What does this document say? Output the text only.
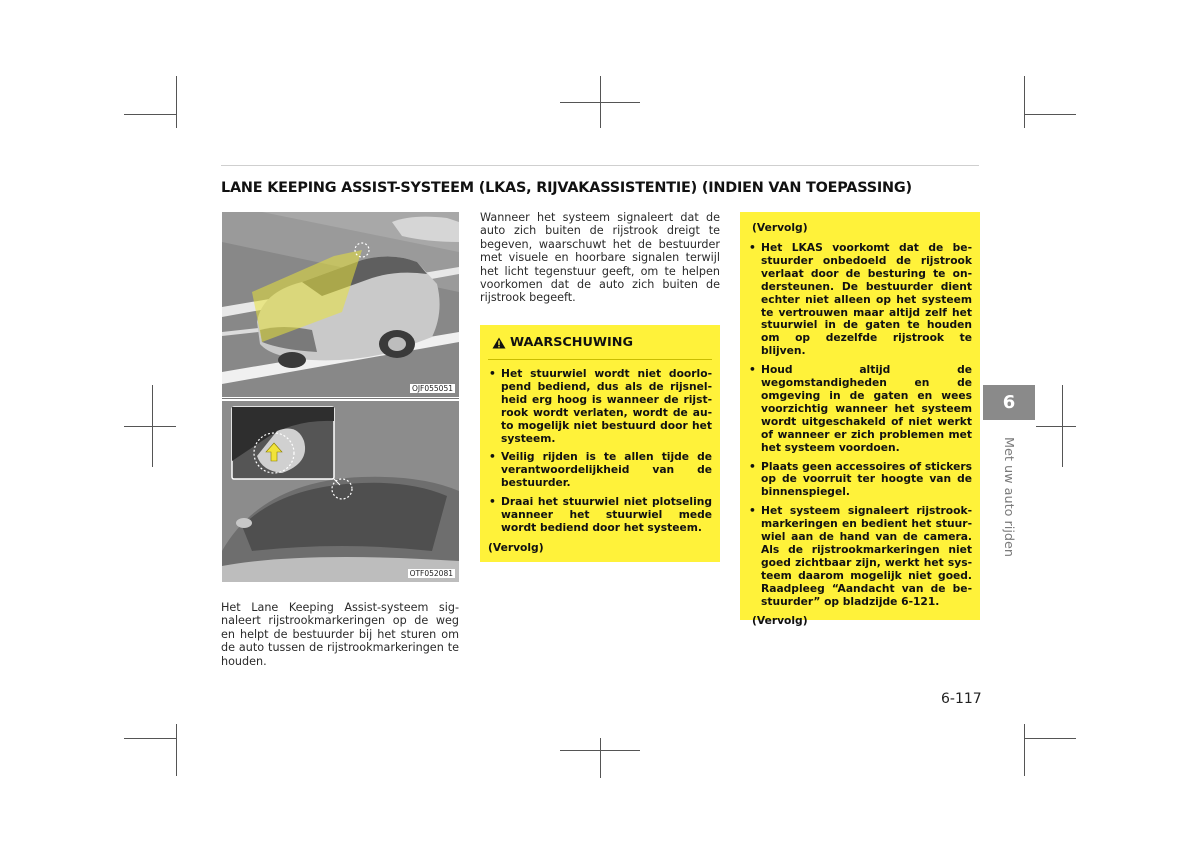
LANE KEEPING ASSIST-SYSTEEM (LKAS, RIJVAKASSISTENTIE) (INDIEN VAN TOEPASSING)
OJF055051
OTF052081
Het Lane Keeping Assist-systeem signaleert rijstrookmarkeringen op de weg en helpt de bestuurder bij het sturen om de auto tussen de rijstrookmarkeringen te houden.
Wanneer het systeem signaleert dat de auto zich buiten de rijstrook dreigt te begeven, waarschuwt het de bestuurder met visuele en hoorbare signalen terwijl het licht tegenstuur geeft, om te helpen voorkomen dat de auto zich buiten de rijstrook begeeft.
WAARSCHUWING
• Het stuurwiel wordt niet doorlopend bediend, dus als de rijsnelheid erg hoog is wanneer de rijstrook wordt verlaten, wordt de auto mogelijk niet bestuurd door het systeem.
• Veilig rijden is te allen tijde de verantwoordelijkheid van de bestuurder.
• Draai het stuurwiel niet plotseling wanneer het stuurwiel mede wordt bediend door het systeem.
(Vervolg)
(Vervolg)
• Het LKAS voorkomt dat de bestuurder onbedoeld de rijstrook verlaat door de besturing te ondersteunen. De bestuurder dient echter niet alleen op het systeem te vertrouwen maar altijd zelf het stuurwiel in de gaten te houden om op dezelfde rijstrook te blijven.
• Houd altijd de wegomstandigheden en de omgeving in de gaten en wees voorzichtig wanneer het systeem wordt uitgeschakeld of niet werkt of wanneer er zich problemen met het systeem voordoen.
• Plaats geen accessoires of stickers op de voorruit ter hoogte van de binnenspiegel.
• Het systeem signaleert rijstrookmarkeringen en bedient het stuurwiel aan de hand van de camera. Als de rijstrookmarkeringen niet goed zichtbaar zijn, werkt het systeem daarom mogelijk niet goed. Raadpleeg “Aandacht van de bestuurder” op bladzijde 6-121.
(Vervolg)
6
Met uw auto rijden
6-117
